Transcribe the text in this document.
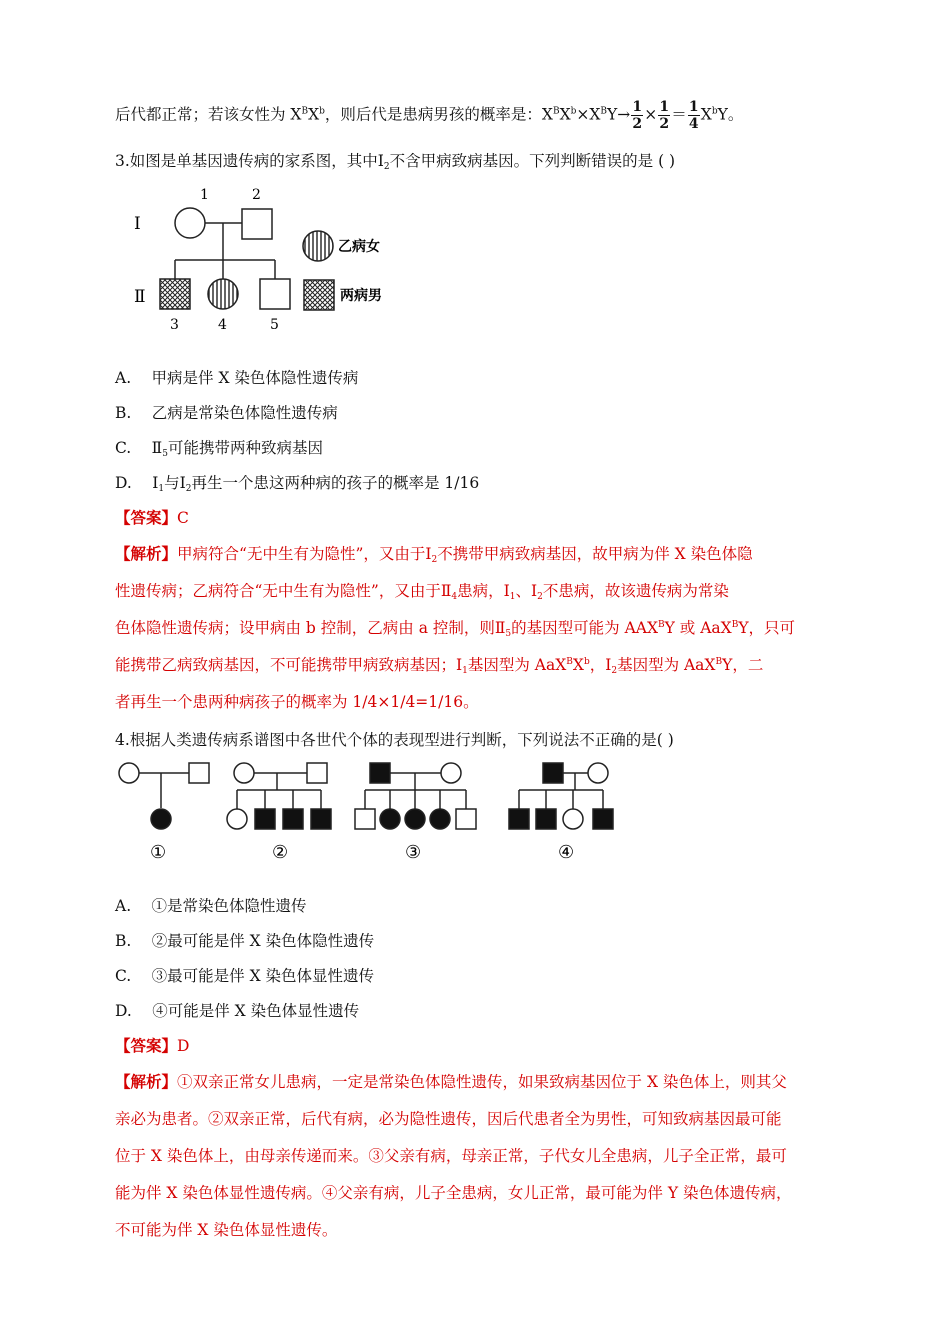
后代都正常；若该女性为 $X^BX^b$，则后代是患病男孩的概率是：$X^BX^b\times X^BY\to \frac{1}{2} \times \frac{1}{2} = \frac{1}{4} X^bY$。
3.如图是单基因遗传病的家系图，其中$Ⅰ_2$不含甲病致病基因。下列判断错误的是 ( )
Ⅰ
Ⅱ
1	2
3	4	5
乙病女
两病男
A.　 甲病是伴 X 染色体隐性遗传病
B.　 乙病是常染色体隐性遗传病
C.　 $Ⅱ_5$可能携带两种致病基因
D.　 $Ⅰ_1$与$Ⅰ_2$再生一个患这两种病的孩子的概率是 1/16
【答案】C
【解析】甲病符合“无中生有为隐性”，又由于$Ⅰ_2$不携带甲病致病基因，故甲病为伴 X 染色体隐
性遗传病；乙病符合“无中生有为隐性”，又由于$Ⅱ_4$患病，$Ⅰ_1$、$Ⅰ_2$不患病，故该遗传病为常染
色体隐性遗传病；设甲病由 b 控制，乙病由 a 控制，则$Ⅱ_5$的基因型可能为 $AAX^BY$ 或 AaX$^B$Y，只可
能携带乙病致病基因，不可能携带甲病致病基因；$Ⅰ_1$基因型为 $AaX^BX^b$，$Ⅰ_2$基因型为 AaX$^B$Y，二
者再生一个患两种病孩子的概率为 1/4×1/4=1/16。
4.根据人类遗传病系谱图中各世代个体的表现型进行判断，下列说法不正确的是( )
①	②	③	④
A.　 ①是常染色体隐性遗传
B.　 ②最可能是伴 X 染色体隐性遗传
C.　 ③最可能是伴 X 染色体显性遗传
D.　 ④可能是伴 X 染色体显性遗传
【答案】D
【解析】①双亲正常女儿患病，一定是常染色体隐性遗传，如果致病基因位于 X 染色体上，则其父
亲必为患者。②双亲正常，后代有病，必为隐性遗传，因后代患者全为男性，可知致病基因最可能
位于 X 染色体上，由母亲传递而来。③父亲有病，母亲正常，子代女儿全患病，儿子全正常，最可
能为伴 X 染色体显性遗传病。④父亲有病，儿子全患病，女儿正常，最可能为伴 Y 染色体遗传病，
不可能为伴 X 染色体显性遗传。
